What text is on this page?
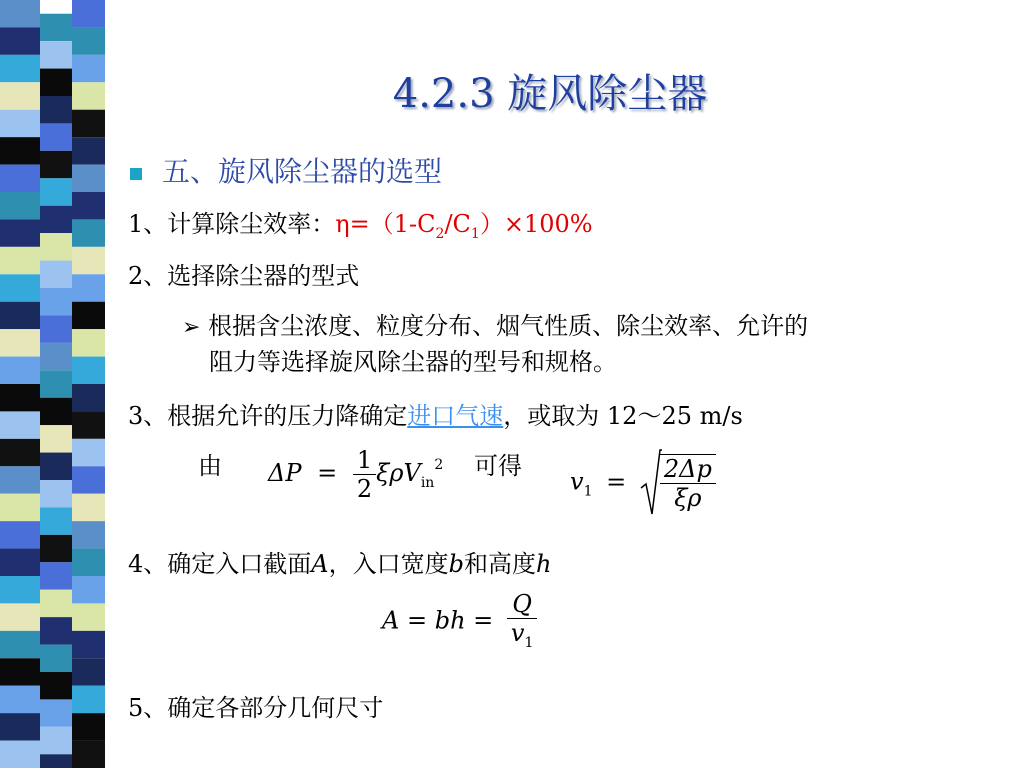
4.2.3 旋风除尘器
五、旋风除尘器的选型
1、计算除尘效率：$\eta=(1-C_2/C_1)\times 100\%$
2、选择除尘器的型式
➢ 根据含尘浓度、粒度分布、烟气性质、除尘效率、允许的
阻力等选择旋风除尘器的型号和规格。
3、根据允许的压力降确定进口气速，或取为 12～25 m/s
由	可得
$\Delta P = \frac{1}{2} \xi\rho V_{in}^2$
$v_1 = \frac{2\Delta p}{\xi\rho}$
4、确定入口截面A，入口宽度b和高度h
A = bh = $\frac{Q}{v_1}$
5、确定各部分几何尺寸
